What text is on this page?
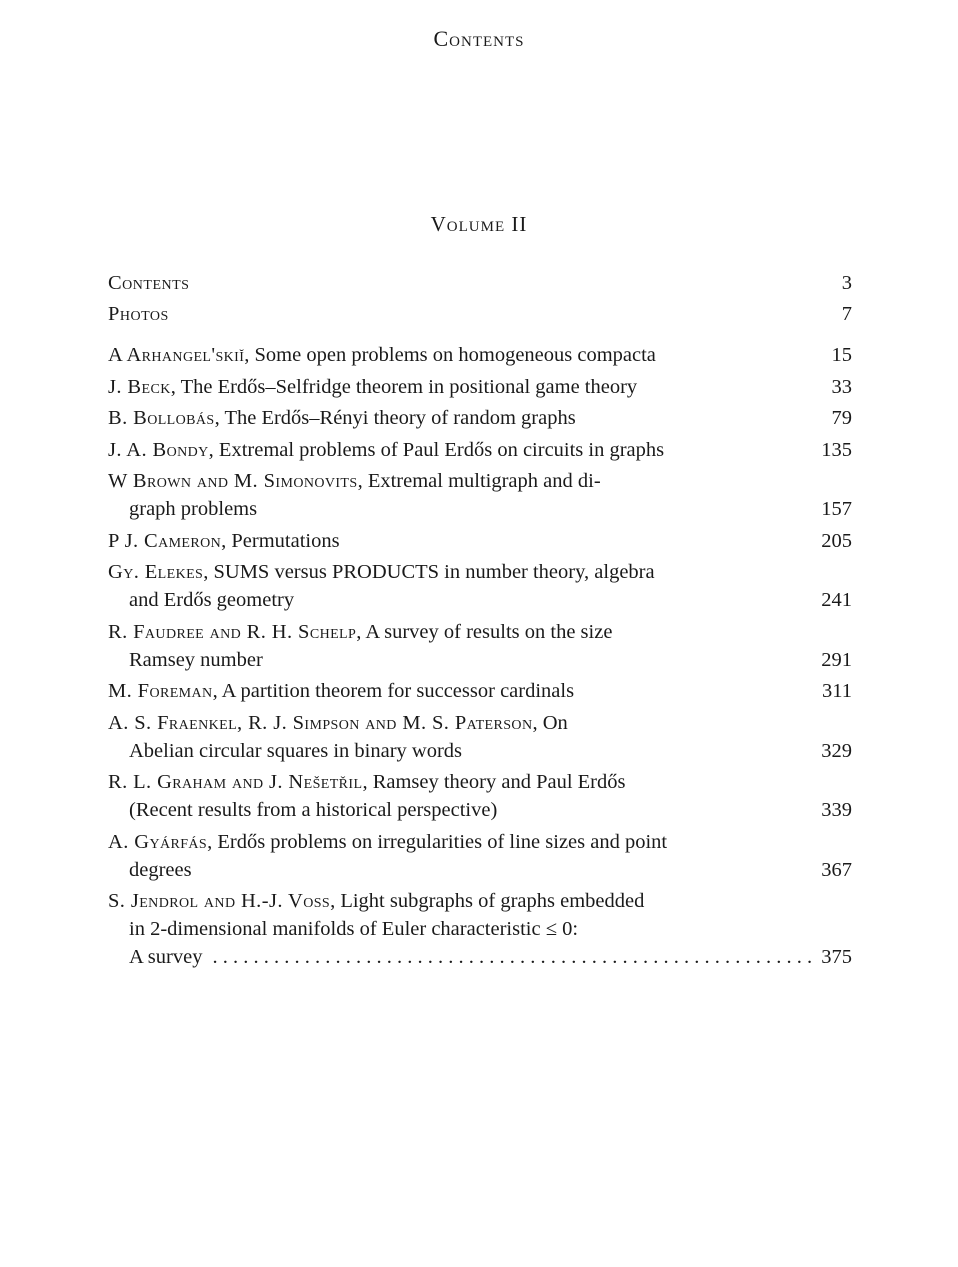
Contents
Volume II
Contents	3
Photos	7
A Arhangel'skiĭ, Some open problems on homogeneous compacta	15
J. Beck, The Erdős–Selfridge theorem in positional game theory	33
B. Bollobás, The Erdős–Rényi theory of random graphs	79
J. A. Bondy, Extremal problems of Paul Erdős on circuits in graphs	135
W Brown and M. Simonovits, Extremal multigraph and di-
graph problems	157
P J. Cameron, Permutations	205
Gy. Elekes, SUMS versus PRODUCTS in number theory, algebra
and Erdős geometry	241
R. Faudree and R. H. Schelp, A survey of results on the size
Ramsey number	291
M. Foreman, A partition theorem for successor cardinals	311
A. S. Fraenkel, R. J. Simpson and M. S. Paterson, On
Abelian circular squares in binary words	329
R. L. Graham and J. Nešetřil, Ramsey theory and Paul Erdős
(Recent results from a historical perspective)	339
A. Gyárfás, Erdős problems on irregularities of line sizes and point
degrees	367
S. Jendrol and H.-J. Voss, Light subgraphs of graphs embedded
in 2-dimensional manifolds of Euler characteristic ≤ 0:
A survey . . .	375
